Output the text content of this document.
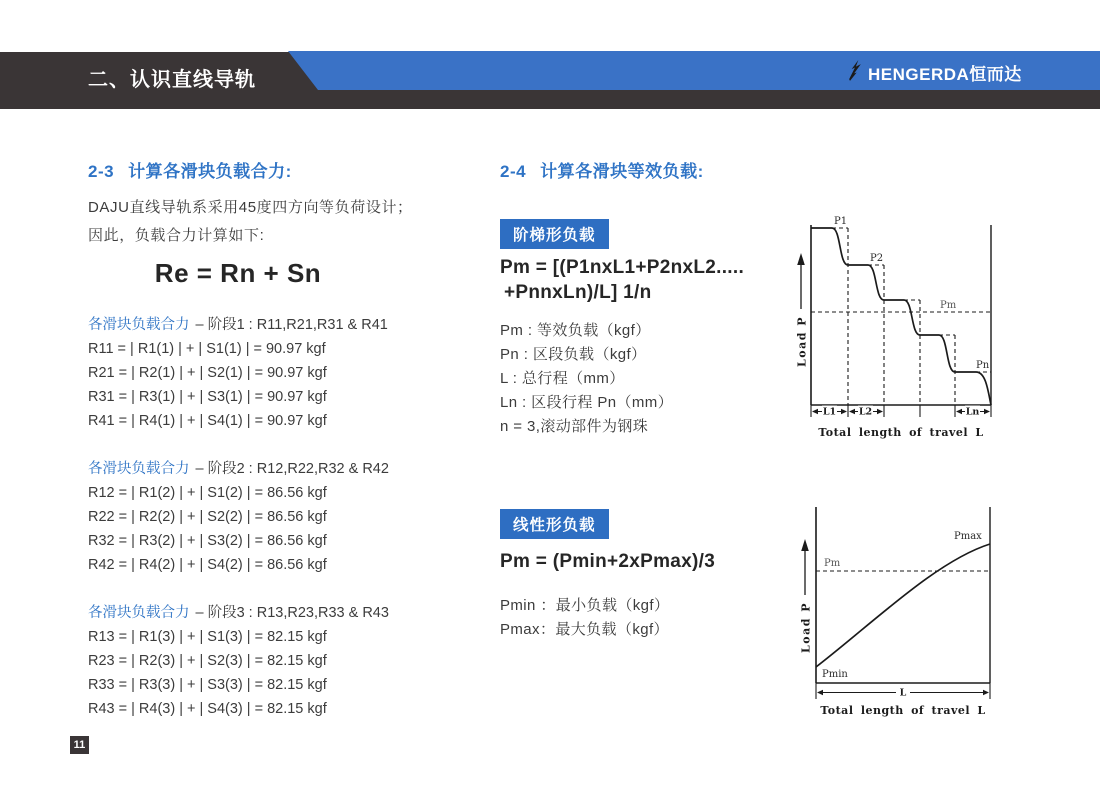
二、认识直线导轨	HENGERDA恒而达
2-3 计算各滑块负载合力:
DAJU直线导轨系采用45度四方向等负荷设计；
因此，负载合力计算如下:
Re = Rn + Sn
各滑块负载合力 – 阶段1 : R11,R21,R31 & R41
R11 = | R1(1) | + | S1(1) | = 90.97 kgf
R21 = | R2(1) | + | S2(1) | = 90.97 kgf
R31 = | R3(1) | + | S3(1) | = 90.97 kgf
R41 = | R4(1) | + | S4(1) | = 90.97 kgf
各滑块负载合力 – 阶段2 : R12,R22,R32 & R42
R12 = | R1(2) | + | S1(2) | = 86.56 kgf
R22 = | R2(2) | + | S2(2) | = 86.56 kgf
R32 = | R3(2) | + | S3(2) | = 86.56 kgf
R42 = | R4(2) | + | S4(2) | = 86.56 kgf
各滑块负载合力 – 阶段3 : R13,R23,R33 & R43
R13 = | R1(3) | + | S1(3) | = 82.15 kgf
R23 = | R2(3) | + | S2(3) | = 82.15 kgf
R33 = | R3(3) | + | S3(3) | = 82.15 kgf
R43 = | R4(3) | + | S4(3) | = 82.15 kgf
2-4 计算各滑块等效负载:
阶梯形负载
Pm = [(P1nxL1+P2nxL2.....
+PnnxLn)/L] 1/n
Pm : 等效负载（kgf）
Pn : 区段负载（kgf）
L : 总行程（mm）
Ln : 区段行程 Pn（mm）
n = 3,滚动部件为钢珠
线性形负载
Pm = (Pmin+2xPmax)/3
Pmin ：最小负载（kgf）
Pmax：最大负载（kgf）
P1
P2
Pm
Pn
L1 L2	Ln
Total length of travel L
Load P
Pm
Pmin
Pmax
L
Total length of travel L
Load P
11
